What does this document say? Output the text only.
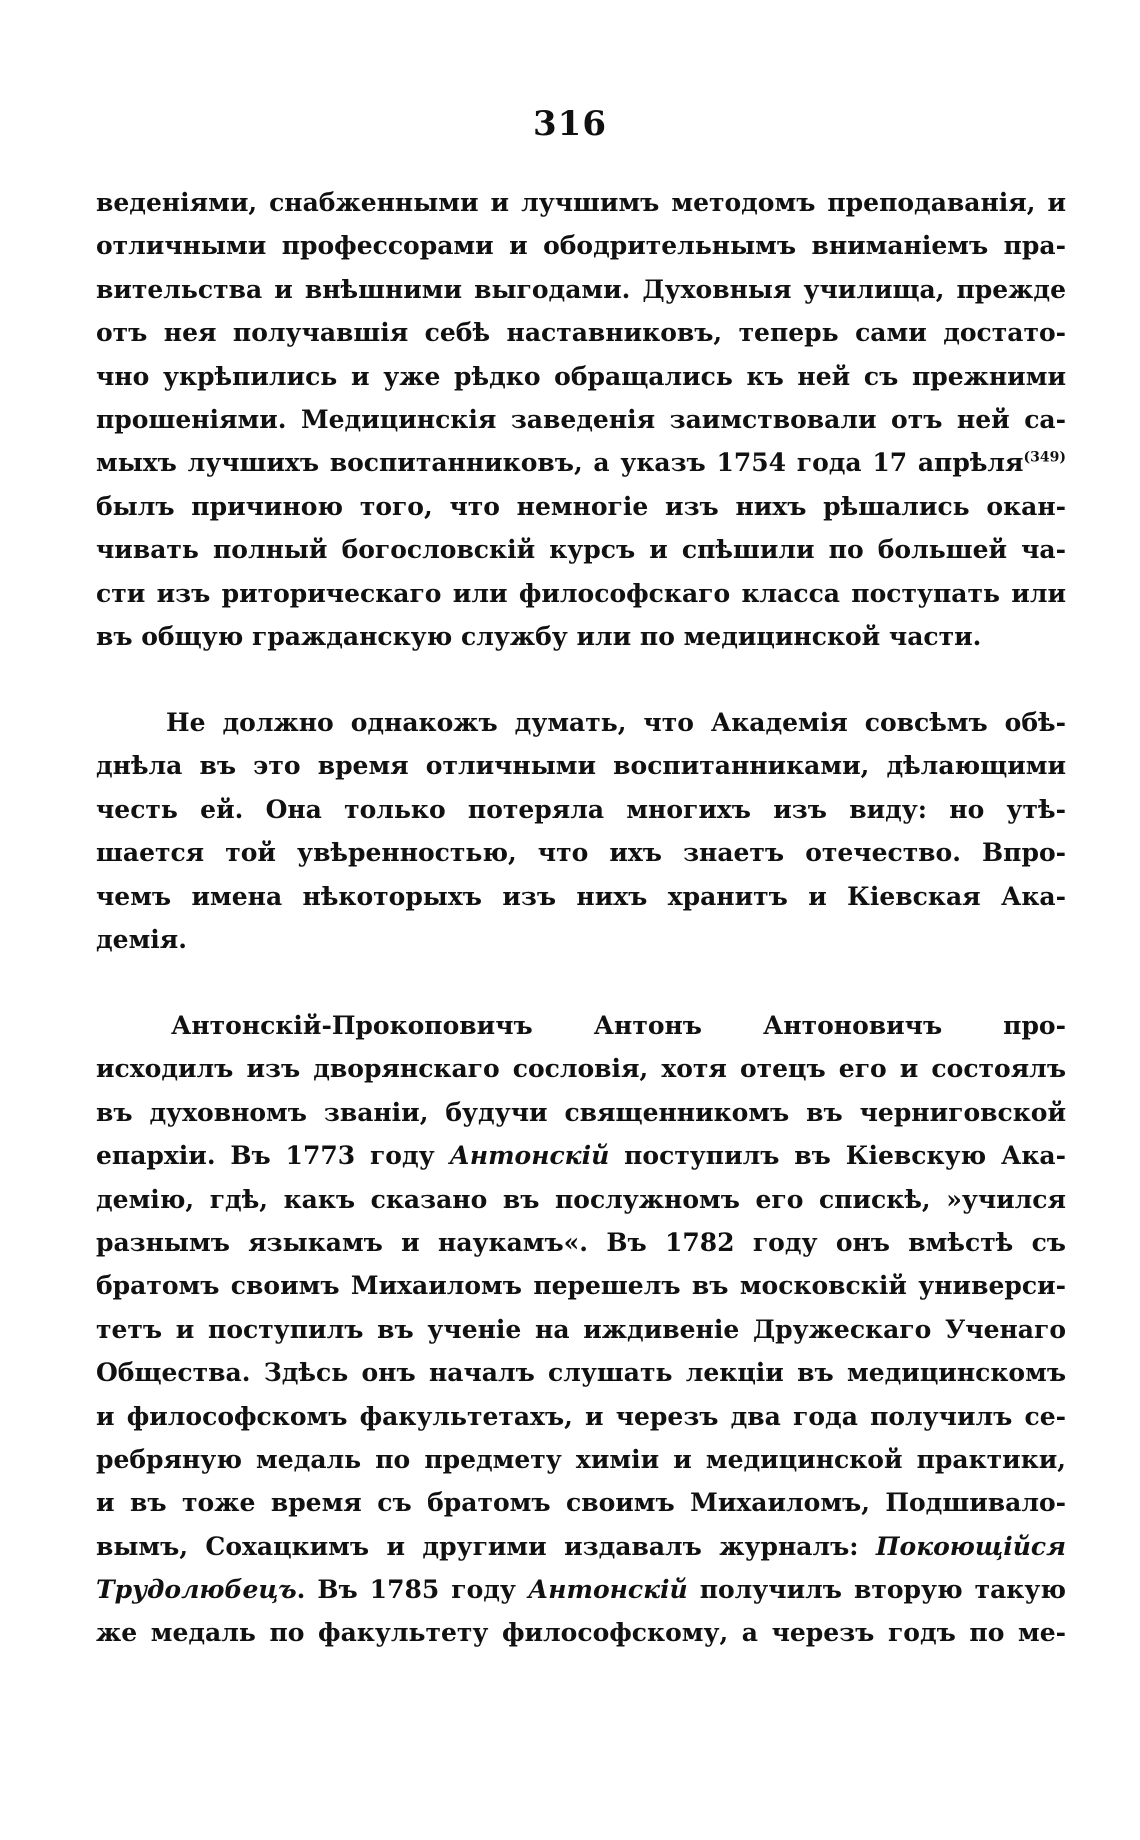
316
веденіями, снабженными и лучшимъ методомъ преподаванія, и
отличными профессорами и ободрительнымъ вниманіемъ пра-
вительства и внѣшними выгодами. Духовныя училища, прежде
отъ нея получавшія себѣ наставниковъ, теперь сами достато-
чно укрѣпились и уже рѣдко обращались къ ней съ прежними
прошеніями. Медицинскія заведенія заимствовали отъ ней са-
мыхъ лучшихъ воспитанниковъ, а указъ 1754 года 17 апрѣля$^{(349)}$
былъ причиною того, что немногіе изъ нихъ рѣшались окан-
чивать полный богословскій курсъ и спѣшили по большей ча-
сти изъ риторическаго или философскаго класса поступать или
въ общую гражданскую службу или по медицинской части.
Не должно однакожъ думать, что Академія совсѣмъ обѣ-
днѣла въ это время отличными воспитанниками, дѣлающими
честь ей. Она только потеряла многихъ изъ виду: но утѣ-
шается той увѣренностью, что ихъ знаетъ отечество. Впро-
чемъ имена нѣкоторыхъ изъ нихъ хранитъ и Кіевская Ака-
демія.
Антонскій-Прокоповичъ Антонъ Антоновичъ про-
исходилъ изъ дворянскаго сословія, хотя отецъ его и состоялъ
въ духовномъ званіи, будучи священникомъ въ черниговской
епархіи. Въ 1773 году Антонскій поступилъ въ Кіевскую Ака-
демію, гдѣ, какъ сказано въ послужномъ его спискѣ, »учился
разнымъ языкамъ и наукамъ«. Въ 1782 году онъ вмѣстѣ съ
братомъ своимъ Михаиломъ перешелъ въ московскій универси-
тетъ и поступилъ въ ученіе на иждивеніе Дружескаго Ученаго
Общества. Здѣсь онъ началъ слушать лекціи въ медицинскомъ
и философскомъ факультетахъ, и черезъ два года получилъ се-
ребряную медаль по предмету химіи и медицинской практики,
и въ тоже время съ братомъ своимъ Михаиломъ, Подшивало-
вымъ, Сохацкимъ и другими издавалъ журналъ: Покоющійся
Трудолюбецъ. Въ 1785 году Антонскій получилъ вторую такую
же медаль по факультету философскому, а черезъ годъ по ме-
